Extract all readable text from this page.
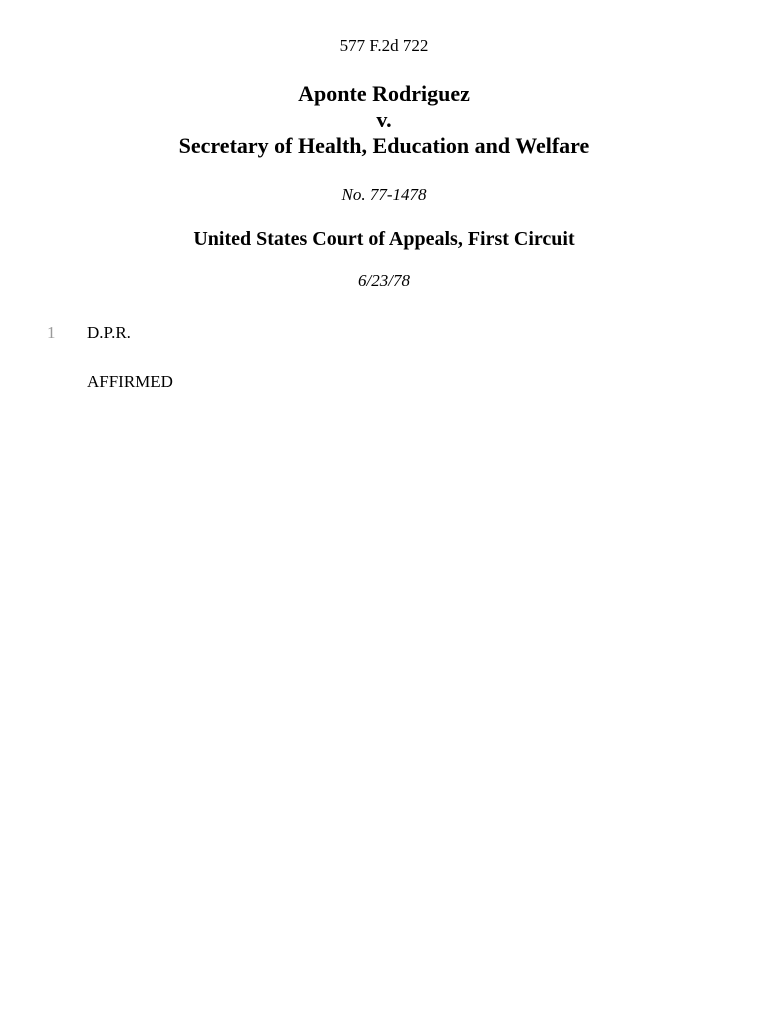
577 F.2d 722
Aponte Rodriguez
v.
Secretary of Health, Education and Welfare
No. 77-1478
United States Court of Appeals, First Circuit
6/23/78
1 D.P.R.
AFFIRMED
